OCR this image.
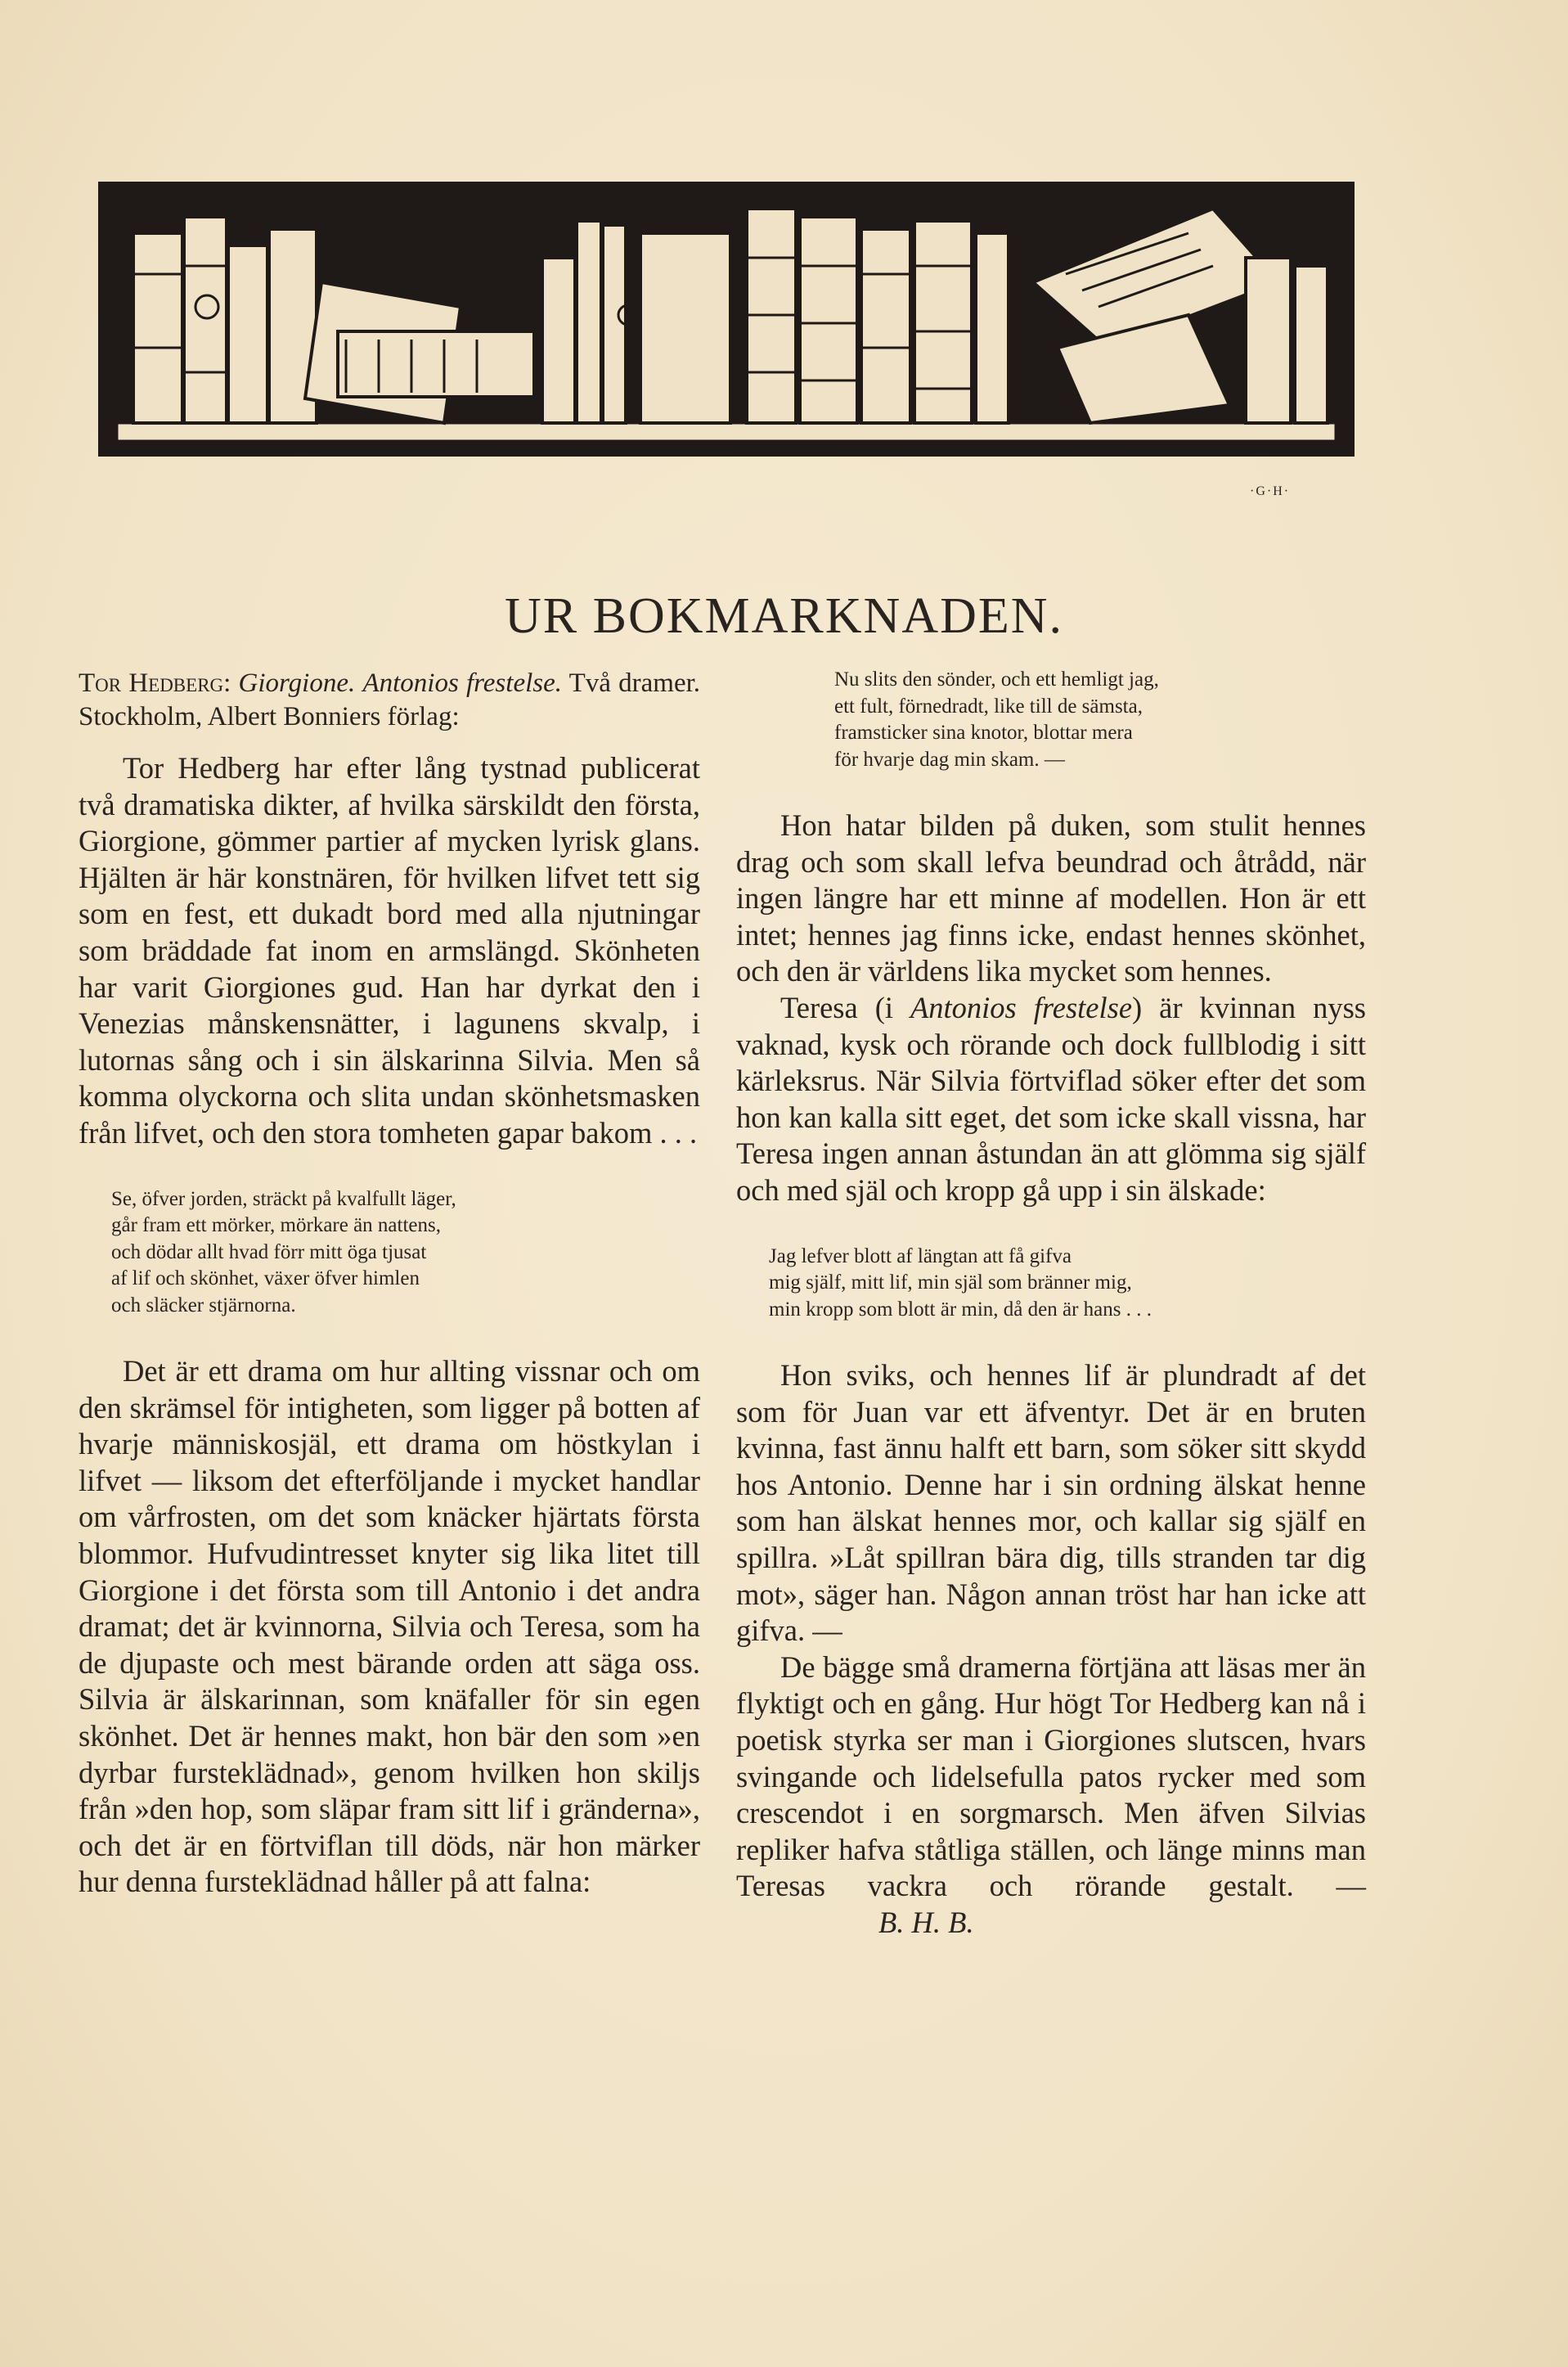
·G·H·
UR BOKMARKNADEN.

Tor Hedberg: Giorgione. Antonios frestelse. Två dramer. Stockholm, Albert Bonniers förlag:

Tor Hedberg har efter lång tystnad publicerat två dramatiska dikter, af hvilka särskildt den första, Giorgione, gömmer partier af mycken lyrisk glans. Hjälten är här konstnären, för hvilken lifvet tett sig som en fest, ett dukadt bord med alla njutningar som bräddade fat inom en armslängd. Skönheten har varit Giorgiones gud. Han har dyrkat den i Venezias månskensnätter, i lagunens skvalp, i lutornas sång och i sin älskarinna Silvia. Men så komma olyckorna och slita undan skönhetsmasken från lifvet, och den stora tomheten gapar bakom . . .

Se, öfver jorden, sträckt på kvalfullt läger,

går fram ett mörker, mörkare än nattens,

och dödar allt hvad förr mitt öga tjusat

af lif och skönhet, växer öfver himlen

och släcker stjärnorna.

Det är ett drama om hur allting vissnar och om den skrämsel för intigheten, som ligger på botten af hvarje människosjäl, ett drama om höstkylan i lifvet — liksom det efterföljande i mycket handlar om vårfrosten, om det som knäcker hjärtats första blommor. Hufvudintresset knyter sig lika litet till Giorgione i det första som till Antonio i det andra dramat; det är kvinnorna, Silvia och Teresa, som ha de djupaste och mest bärande orden att säga oss. Silvia är älskarinnan, som knäfaller för sin egen skönhet. Det är hennes makt, hon bär den som »en dyrbar fursteklädnad», genom hvilken hon skiljs från »den hop, som släpar fram sitt lif i gränderna», och det är en förtviflan till döds, när hon märker hur denna fursteklädnad håller på att falna:

Nu slits den sönder, och ett hemligt jag,

ett fult, förnedradt, like till de sämsta,

framsticker sina knotor, blottar mera

för hvarje dag min skam. —

Hon hatar bilden på duken, som stulit hennes drag och som skall lefva beundrad och åtrådd, när ingen längre har ett minne af modellen. Hon är ett intet; hennes jag finns icke, endast hennes skönhet, och den är världens lika mycket som hennes.

Teresa (i Antonios frestelse) är kvinnan nyss vaknad, kysk och rörande och dock fullblodig i sitt kärleksrus. När Silvia förtviflad söker efter det som hon kan kalla sitt eget, det som icke skall vissna, har Teresa ingen annan åstundan än att glömma sig själf och med själ och kropp gå upp i sin älskade:

Jag lefver blott af längtan att få gifva

mig själf, mitt lif, min själ som bränner mig,

min kropp som blott är min, då den är hans . . .

Hon sviks, och hennes lif är plundradt af det som för Juan var ett äfventyr. Det är en bruten kvinna, fast ännu halft ett barn, som söker sitt skydd hos Antonio. Denne har i sin ordning älskat henne som han älskat hennes mor, och kallar sig själf en spillra. »Låt spillran bära dig, tills stranden tar dig mot», säger han. Någon annan tröst har han icke att gifva. —

De bägge små dramerna förtjäna att läsas mer än flyktigt och en gång. Hur högt Tor Hedberg kan nå i poetisk styrka ser man i Giorgiones slutscen, hvars svingande och lidelsefulla patos rycker med som crescendot i en sorgmarsch. Men äfven Silvias repliker hafva ståtliga ställen, och länge minns man Teresas vackra och rörande gestalt. —B. H. B.
